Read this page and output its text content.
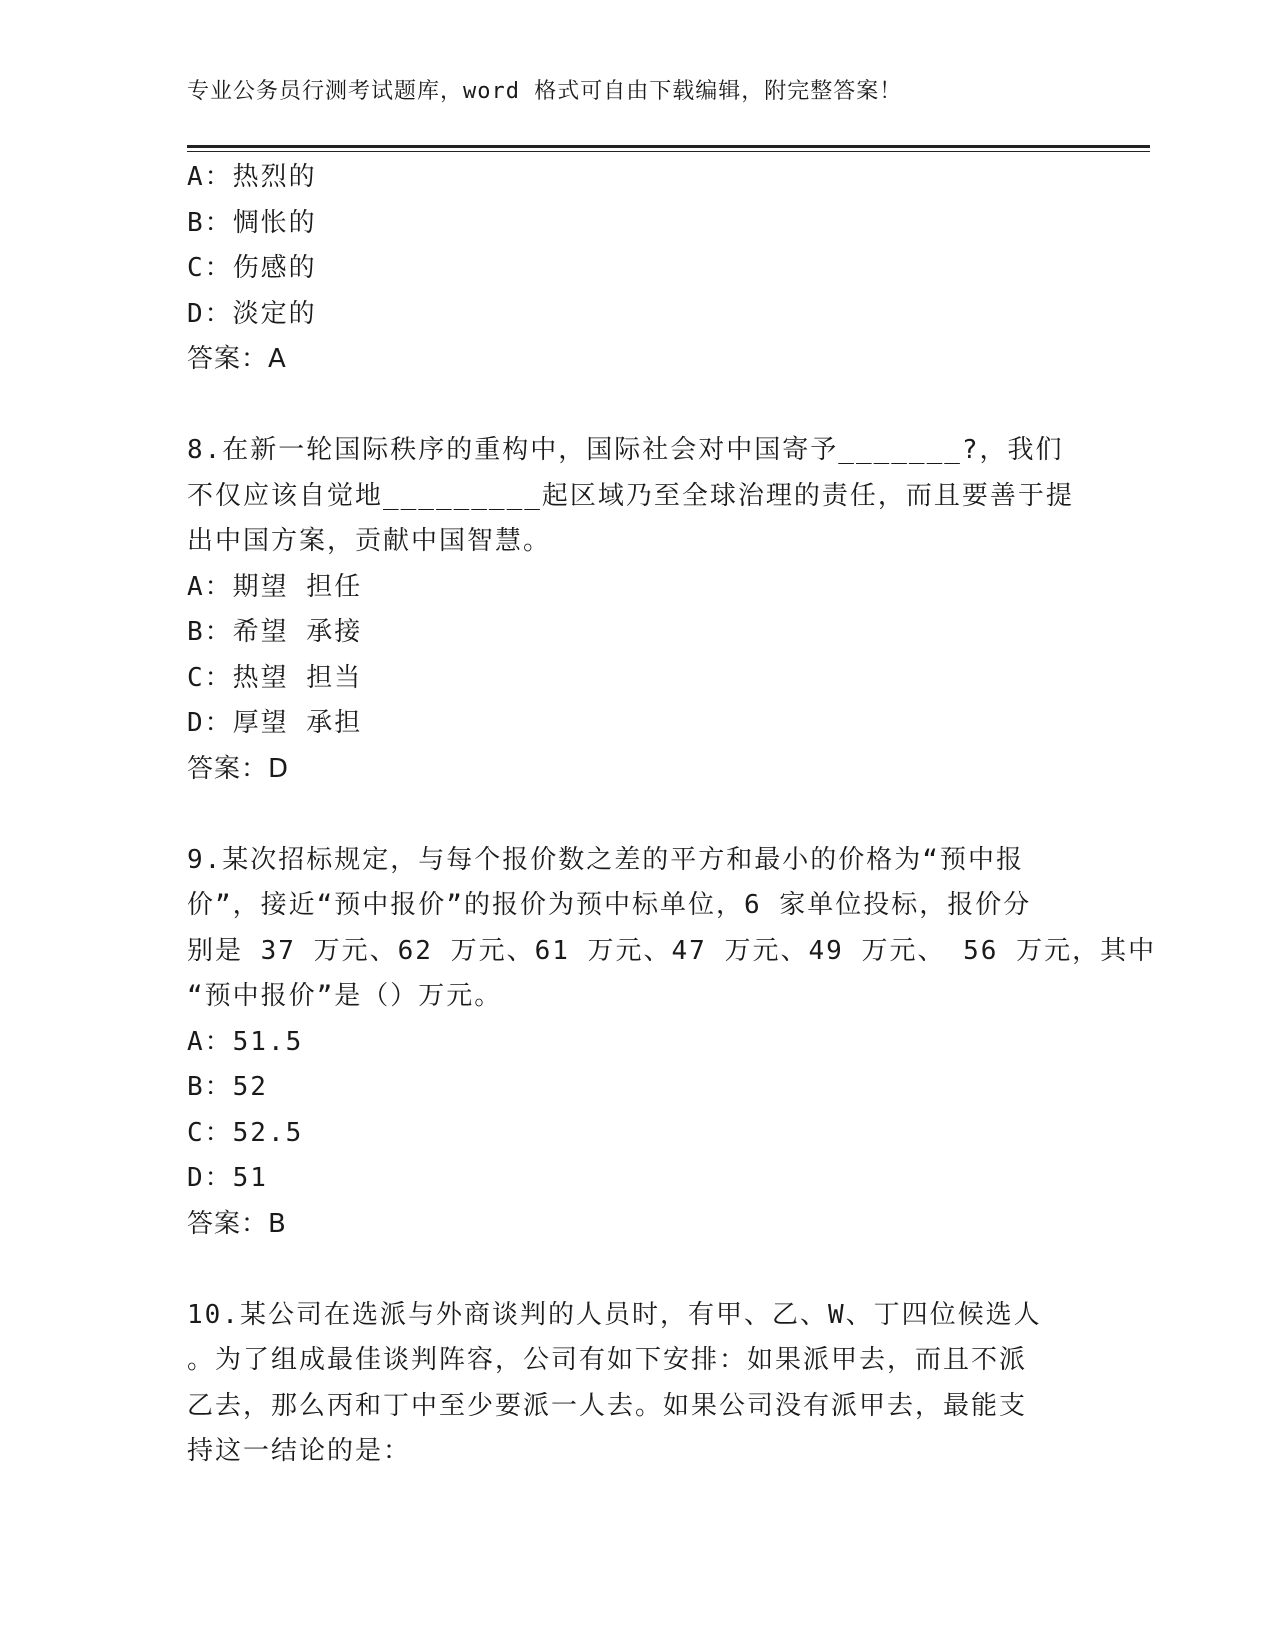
专业公务员行测考试题库，word 格式可自由下载编辑，附完整答案！
A：热烈的
B：惆怅的
C：伤感的
D：淡定的
答案：A
8.在新一轮国际秩序的重构中，国际社会对中国寄予_______?，我们
不仅应该自觉地_________起区域乃至全球治理的责任，而且要善于提
出中国方案，贡献中国智慧。
A：期望 担任
B：希望 承接
C：热望 担当
D：厚望 承担
答案：D
9.某次招标规定，与每个报价数之差的平方和最小的价格为“预中报
价”，接近“预中报价”的报价为预中标单位，6 家单位投标，报价分
别是 37 万元、62 万元、61 万元、47 万元、49 万元、 56 万元，其中
“预中报价”是（）万元。
A：51.5
B：52
C：52.5
D：51
答案：B
10.某公司在选派与外商谈判的人员时，有甲、乙、W、丁四位候选人
。为了组成最佳谈判阵容，公司有如下安排：如果派甲去，而且不派
乙去，那么丙和丁中至少要派一人去。如果公司没有派甲去，最能支
持这一结论的是：
